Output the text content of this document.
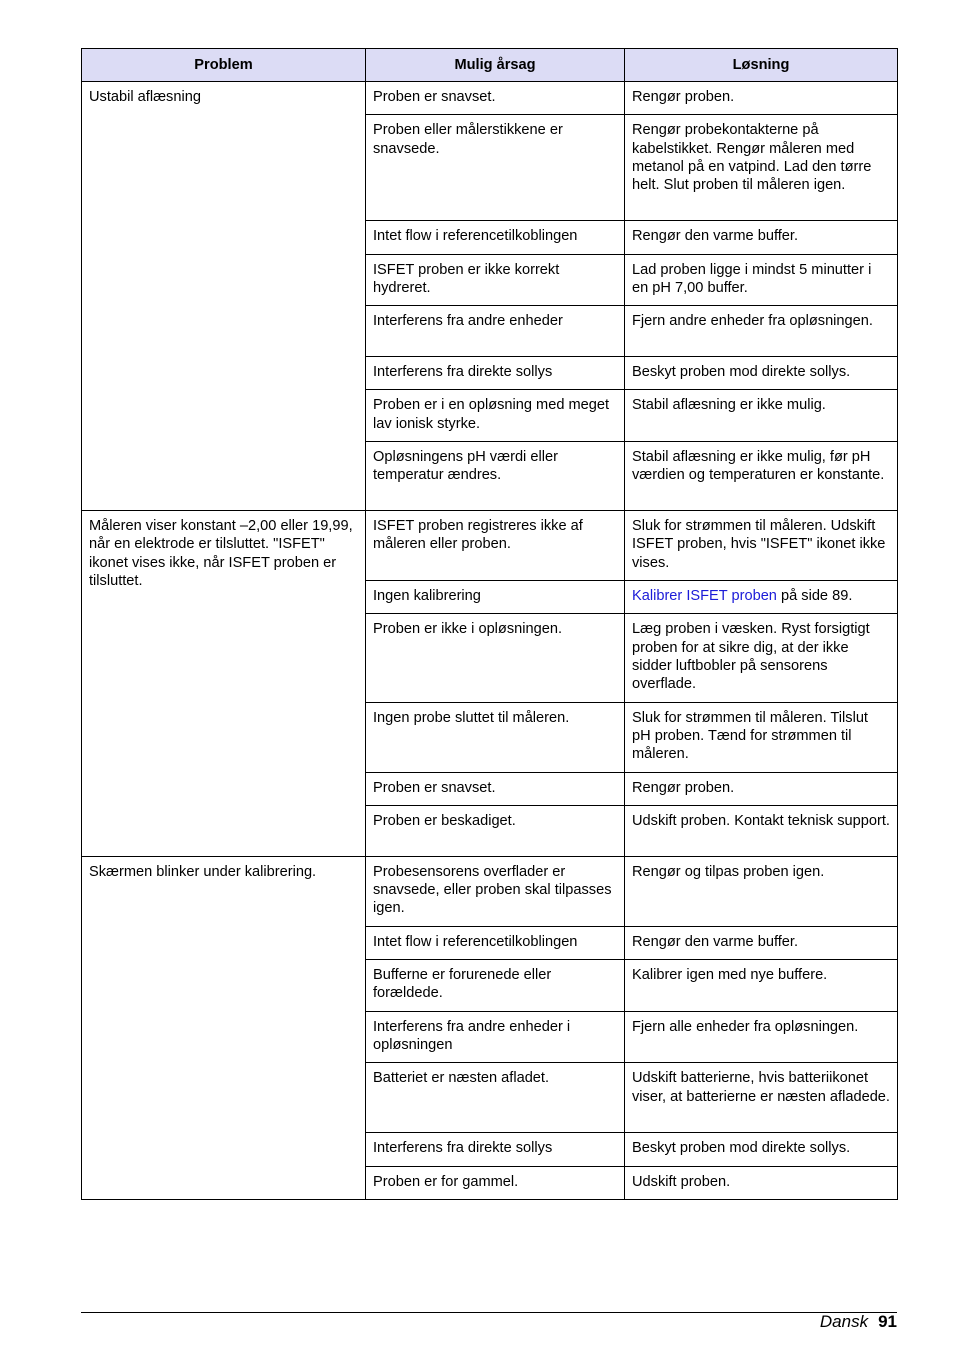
Problem	Mulig årsag	Løsning
Ustabil aflæsning	Proben er snavset.	Rengør proben.
	Proben eller målerstikkene er snavsede.	Rengør probekontakterne på kabelstikket. Rengør måleren med metanol på en vatpind. Lad den tørre helt. Slut proben til måleren igen.
	Intet flow i referencetilkoblingen	Rengør den varme buffer.
	ISFET proben er ikke korrekt hydreret.	Lad proben ligge i mindst 5 minutter i en pH 7,00 buffer.
	Interferens fra andre enheder	Fjern andre enheder fra opløsningen.
	Interferens fra direkte sollys	Beskyt proben mod direkte sollys.
	Proben er i en opløsning med meget lav ionisk styrke.	Stabil aflæsning er ikke mulig.
	Opløsningens pH værdi eller temperatur ændres.	Stabil aflæsning er ikke mulig, før pH værdien og temperaturen er konstante.
Måleren viser konstant –2,00 eller 19,99, når en elektrode er tilsluttet. "ISFET" ikonet vises ikke, når ISFET proben er tilsluttet.	ISFET proben registreres ikke af måleren eller proben.	Sluk for strømmen til måleren. Udskift ISFET proben, hvis "ISFET" ikonet ikke vises.
	Ingen kalibrering	Kalibrer ISFET proben på side 89.
	Proben er ikke i opløsningen.	Læg proben i væsken. Ryst forsigtigt proben for at sikre dig, at der ikke sidder luftbobler på sensorens overflade.
	Ingen probe sluttet til måleren.	Sluk for strømmen til måleren. Tilslut pH proben. Tænd for strømmen til måleren.
	Proben er snavset.	Rengør proben.
	Proben er beskadiget.	Udskift proben. Kontakt teknisk support.
Skærmen blinker under kalibrering.	Probesensorens overflader er snavsede, eller proben skal tilpasses igen.	Rengør og tilpas proben igen.
	Intet flow i referencetilkoblingen	Rengør den varme buffer.
	Bufferne er forurenede eller forældede.	Kalibrer igen med nye buffere.
	Interferens fra andre enheder i opløsningen	Fjern alle enheder fra opløsningen.
	Batteriet er næsten afladet.	Udskift batterierne, hvis batteriikonet viser, at batterierne er næsten afladede.
	Interferens fra direkte sollys	Beskyt proben mod direkte sollys.
	Proben er for gammel.	Udskift proben.
Dansk 91
